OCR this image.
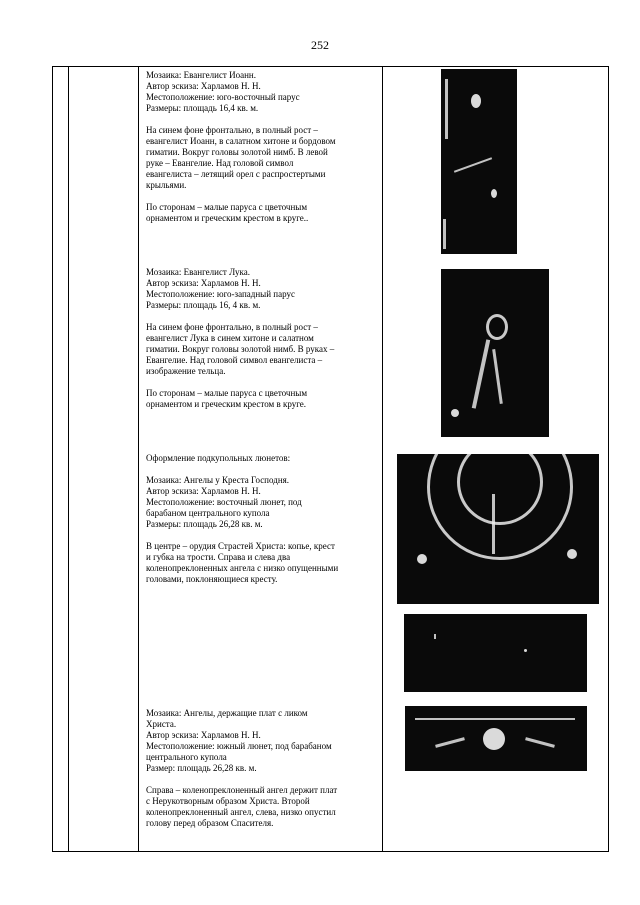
252

Мозаика: Евангелист Иоанн.
Автор эскиза: Харламов Н. Н.
Местоположение: юго-восточный парус
Размеры: площадь 16,4 кв. м.

На синем фоне фронтально, в полный рост –
евангелист Иоанн, в салатном хитоне и бордовом
гиматии. Вокруг головы золотой нимб. В левой
руке – Евангелие. Над головой символ
евангелиста – летящий орел с распростертыми
крыльями.

По сторонам – малые паруса с цветочным
орнаментом и греческим крестом в круге..

Мозаика: Евангелист Лука.
Автор эскиза: Харламов Н. Н.
Местоположение: юго-западный парус
Размеры: площадь 16, 4 кв. м.

На синем фоне фронтально, в полный рост –
евангелист Лука в синем хитоне и салатном
гиматии. Вокруг головы золотой нимб. В руках –
Евангелие. Над головой символ евангелиста –
изображение тельца.

По сторонам – малые паруса с цветочным
орнаментом и греческим крестом в круге.

Оформление подкупольных люнетов:

Мозаика: Ангелы у Креста Господня.
Автор эскиза: Харламов Н. Н.
Местоположение: восточный люнет, под
барабаном центрального купола
Размеры: площадь 26,28 кв. м.

В центре – орудия Страстей Христа: копье, крест
и губка на трости. Справа и слева два
коленопреклоненных ангела с низко опущенными
головами, поклоняющиеся кресту.

Мозаика: Ангелы, держащие плат с ликом
Христа.
Автор эскиза: Харламов Н. Н.
Местоположение: южный люнет, под барабаном
центрального купола
Размер: площадь 26,28 кв. м.

Справа – коленопреклоненный ангел держит плат
с Нерукотворным образом Христа. Второй
коленопреклоненный ангел, слева, низко опустил
голову перед образом Спасителя.
